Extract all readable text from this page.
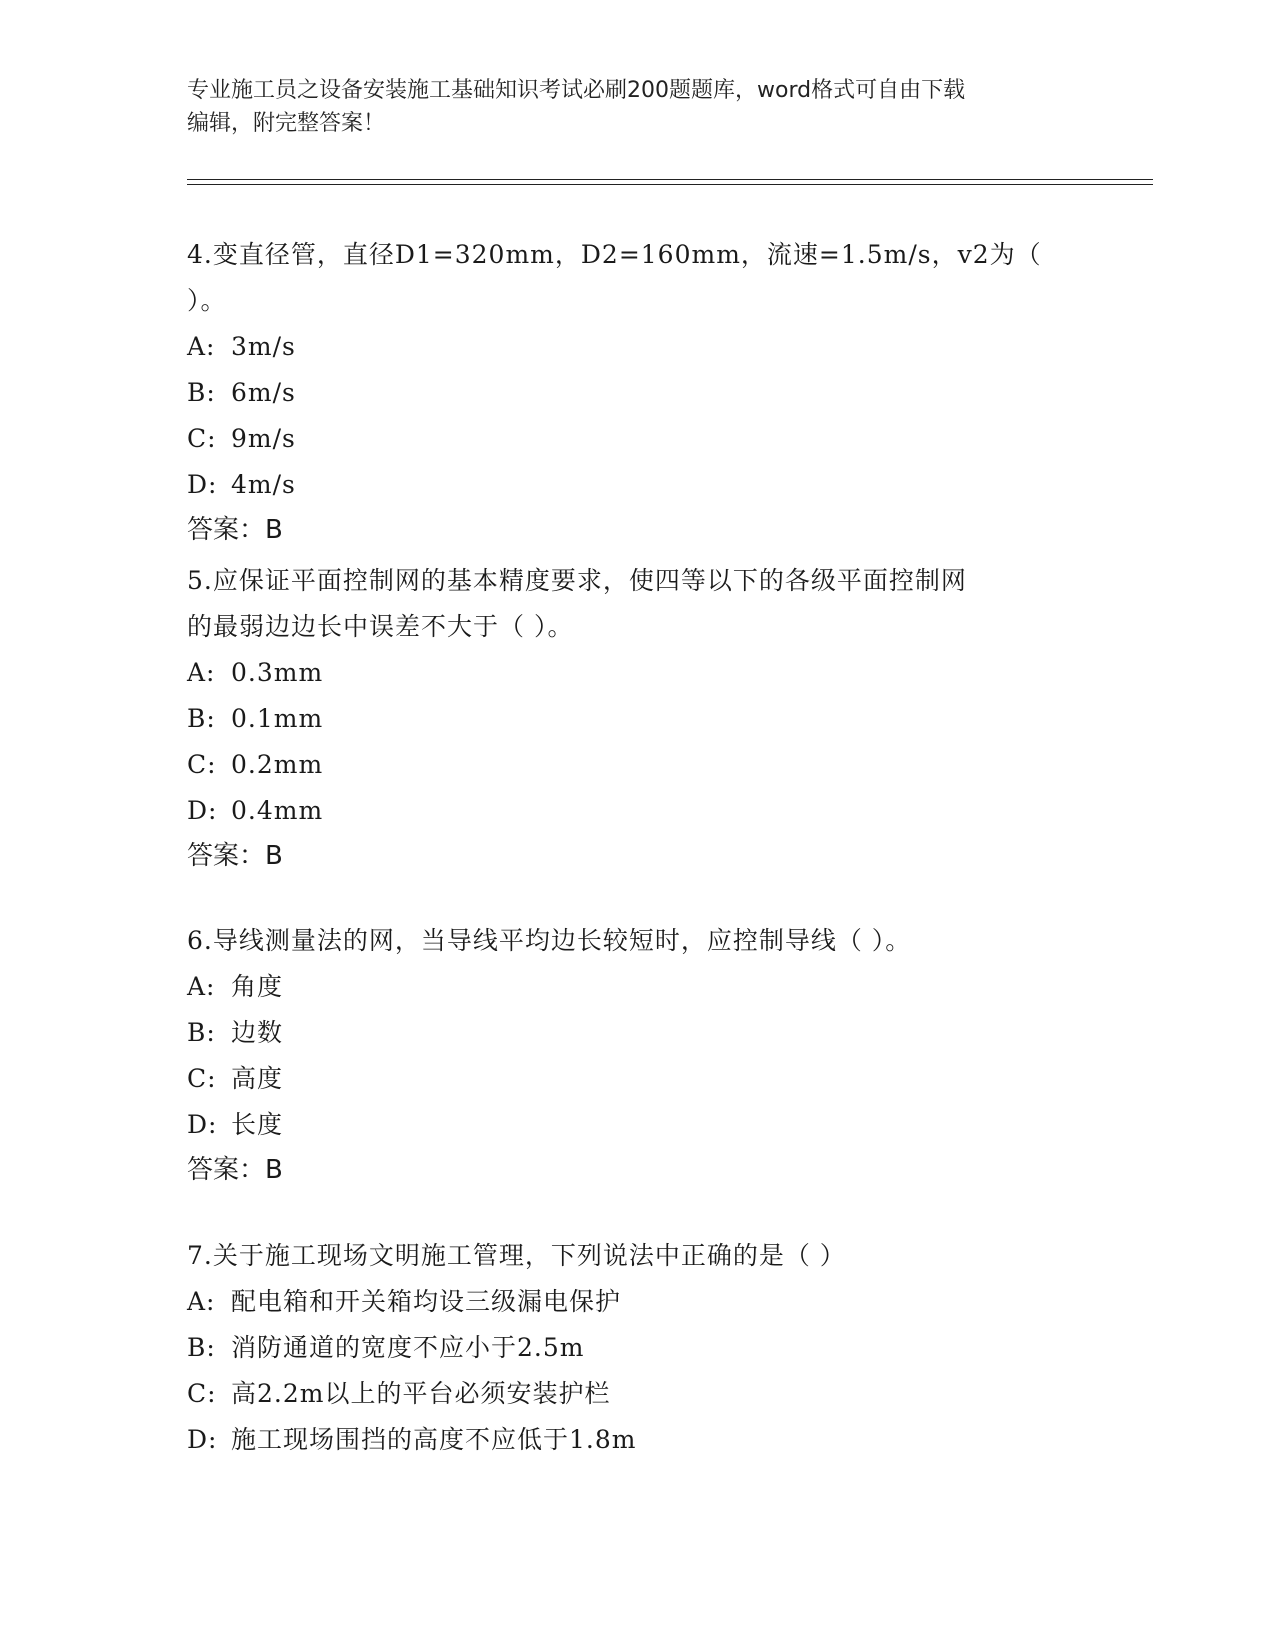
专业施工员之设备安装施工基础知识考试必刷200题题库，word格式可自由下载
编辑，附完整答案！
4.变直径管，直径D1=320mm，D2=160mm，流速=1.5m/s，v2为（ ）。
A: 3m/s
B: 6m/s
C: 9m/s
D: 4m/s
答案：B
5.应保证平面控制网的基本精度要求，使四等以下的各级平面控制网
的最弱边边长中误差不大于（ ）。
A: 0.3mm
B: 0.1mm
C: 0.2mm
D: 0.4mm
答案：B
6.导线测量法的网，当导线平均边长较短时，应控制导线（ ）。
A: 角度
B: 边数
C: 高度
D: 长度
答案：B
7.关于施工现场文明施工管理，下列说法中正确的是（ ）
A: 配电箱和开关箱均设三级漏电保护
B: 消防通道的宽度不应小于2.5m
C: 高2.2m以上的平台必须安装护栏
D: 施工现场围挡的高度不应低于1.8m
